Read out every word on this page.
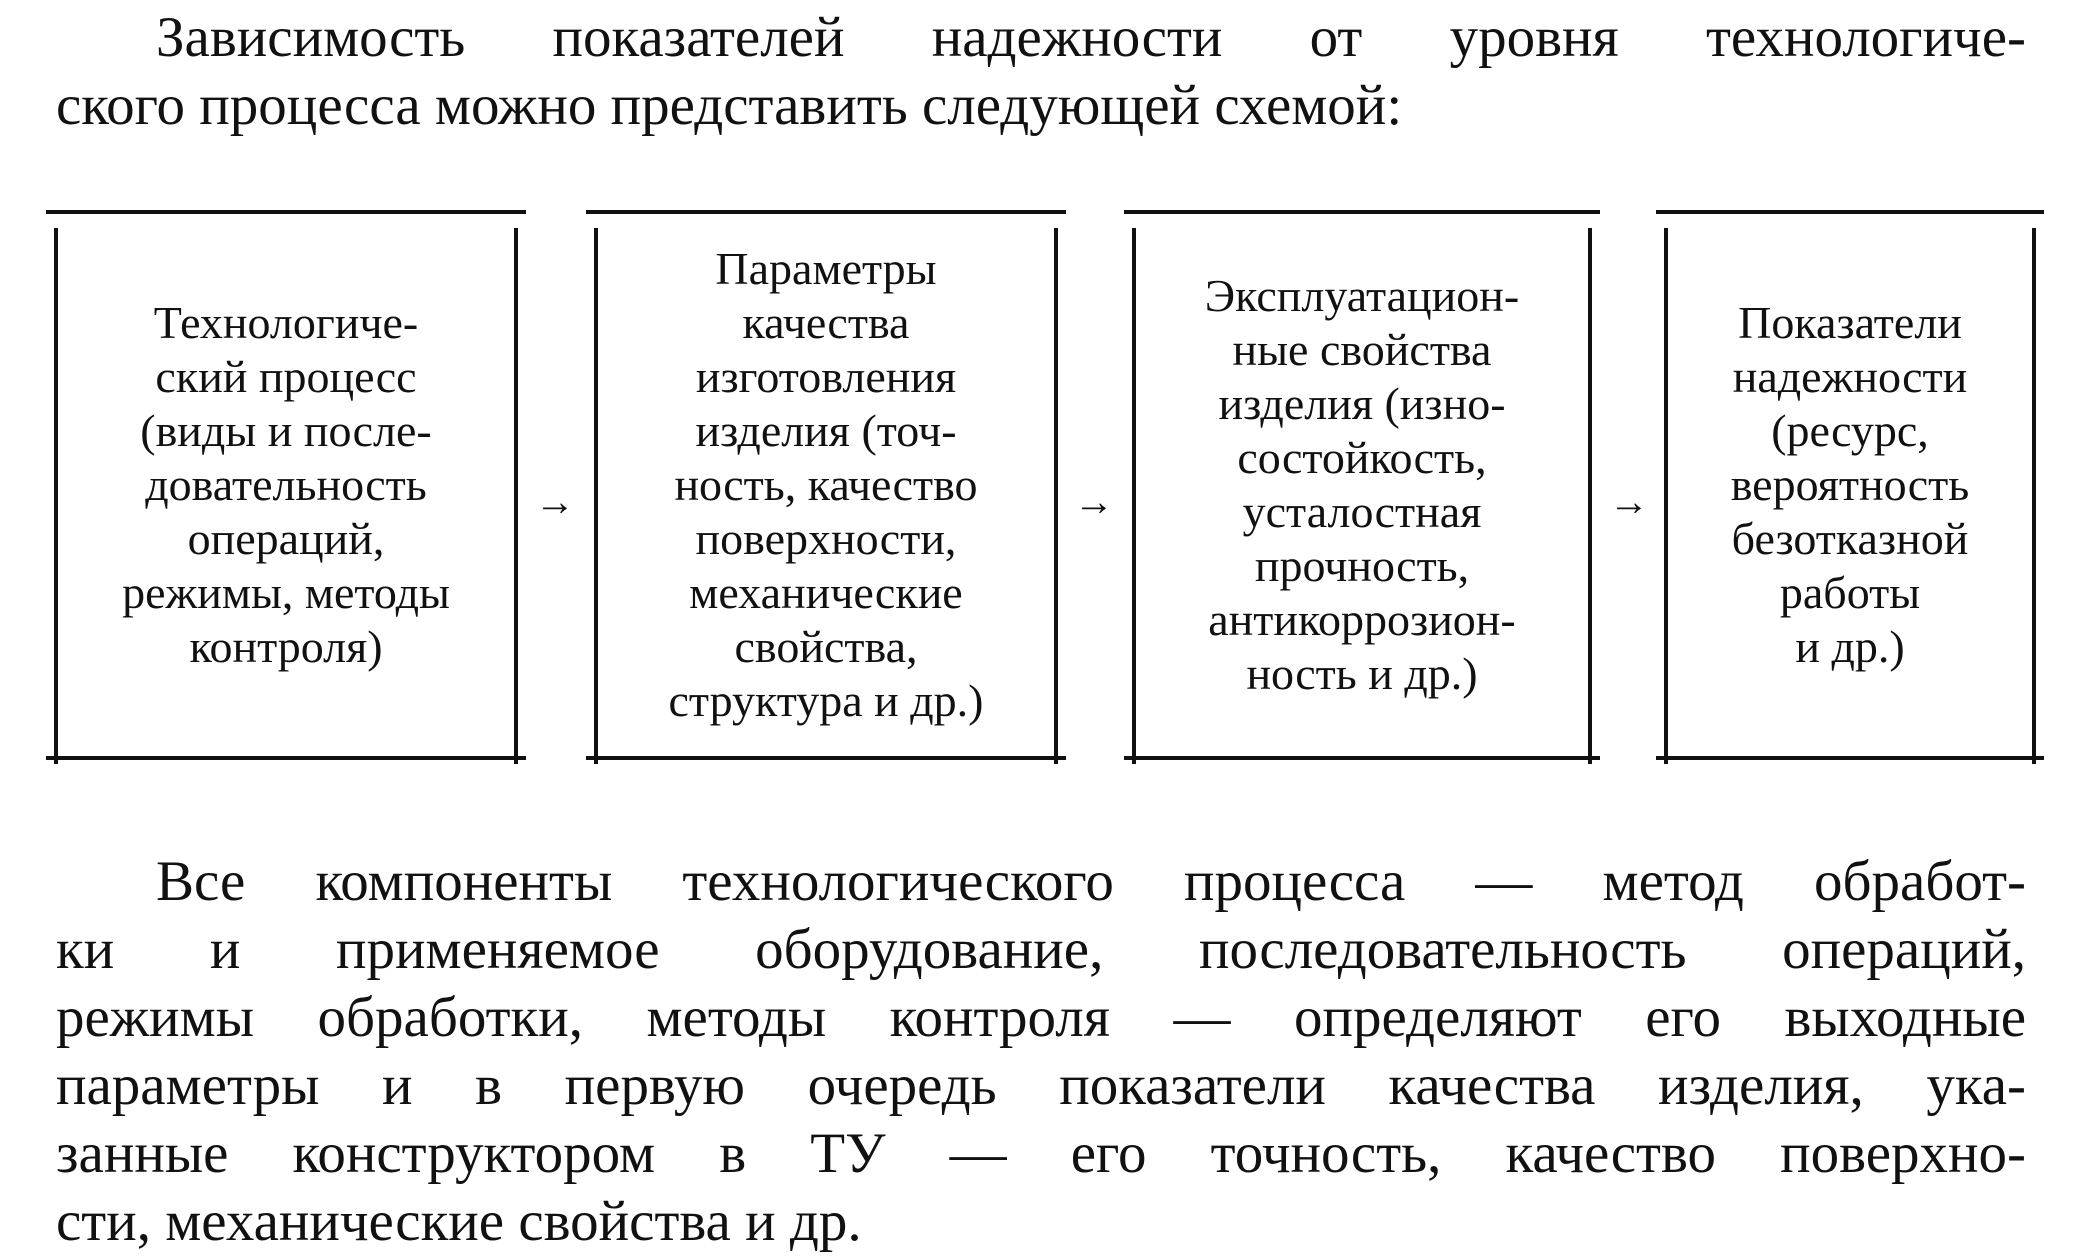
Зависимость показателей надежности от уровня технологиче-
ского процесса можно представить следующей схемой:
Технологиче-
ский процесс
(виды и после-
довательность
операций,
режимы, методы
контроля)
→
Параметры
качества
изготовления
изделия (точ-
ность, качество
поверхности,
механические
свойства,
структура и др.)
→
Эксплуатацион-
ные свойства
изделия (изно-
состойкость,
усталостная
прочность,
антикоррозион-
ность и др.)
→
Показатели
надежности
(ресурс,
вероятность
безотказной
работы
и др.)
Все компоненты технологического процесса — метод обработ-
ки и применяемое оборудование, последовательность операций,
режимы обработки, методы контроля — определяют его выходные
параметры и в первую очередь показатели качества изделия, ука-
занные конструктором в ТУ — его точность, качество поверхно-
сти, механические свойства и др.
